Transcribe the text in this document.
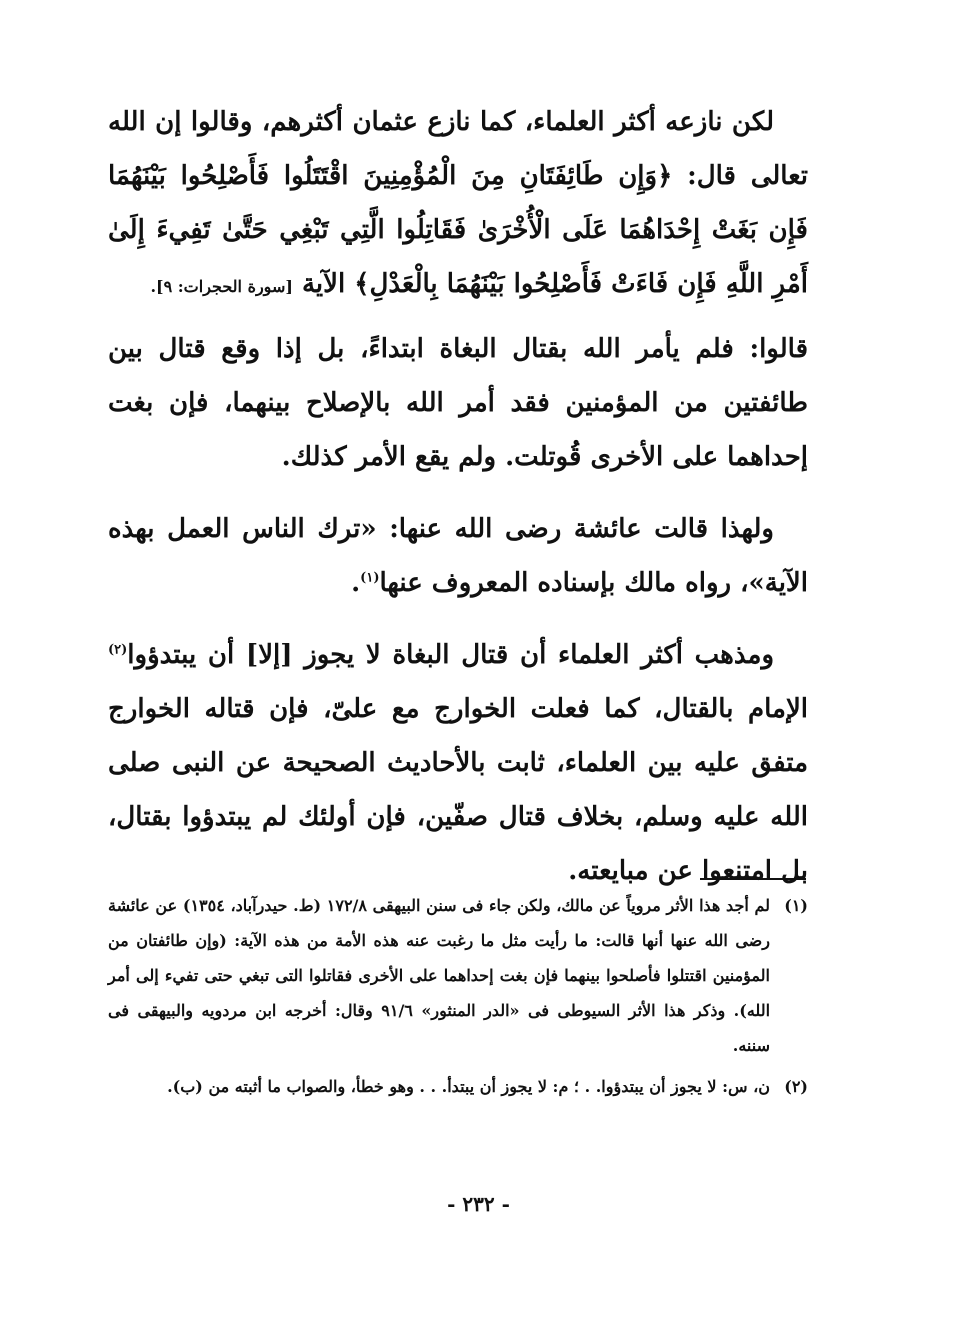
لكن نازعه أكثر العلماء، كما نازع عثمان أكثرهم، وقالوا إن الله تعالى قال: ﴿وَإِن طَائِفَتَانِ مِنَ الْمُؤْمِنِينَ اقْتَتَلُوا فَأَصْلِحُوا بَيْنَهُمَا فَإِن بَغَتْ إِحْدَاهُمَا عَلَى الْأُخْرَىٰ فَقَاتِلُوا الَّتِي تَبْغِي حَتَّىٰ تَفِيءَ إِلَىٰ أَمْرِ اللَّهِ فَإِن فَاءَتْ فَأَصْلِحُوا بَيْنَهُمَا بِالْعَدْلِ﴾ الآية [سورة الحجرات: ٩].

قالوا: فلم يأمر الله بقتال البغاة ابتداءً، بل إذا وقع قتال بين طائفتين من المؤمنين فقد أمر الله بالإصلاح بينهما، فإن بغت إحداهما على الأخرى قُوتلت. ولم يقع الأمر كذلك.

ولهذا قالت عائشة رضى الله عنها: «ترك الناس العمل بهذه الآية»، رواه مالك بإسناده المعروف عنها$^{(١)}$.

ومذهب أكثر العلماء أن قتال البغاة لا يجوز [إلا] أن يبتدؤوا$^{(٢)}$ الإمام بالقتال، كما فعلت الخوارج مع علىّ، فإن قتاله الخوارج متفق عليه بين العلماء، ثابت بالأحاديث الصحيحة عن النبى صلى الله عليه وسلم، بخلاف قتال صفّين، فإن أولئك لم يبتدؤوا بقتال، بل امتنعوا عن مبايعته.

(١)
لم أجد هذا الأثر مروياً عن مالك، ولكن جاء فى سنن البيهقى ١٧٢/٨ (ط. حيدرآباد، ١٣٥٤) عن عائشة رضى الله عنها أنها قالت: ما رأيت مثل ما رغبت عنه هذه الأمة من هذه الآية: (وإن طائفتان من المؤمنين اقتتلوا فأصلحوا بينهما فإن بغت إحداهما على الأخرى فقاتلوا التى تبغي حتى تفيء إلى أمر الله). وذكر هذا الأثر السيوطى فى «الدر المنثور» ٩١/٦ وقال: أخرجه ابن مردويه والبيهقى فى سننه.
(٢)
ن، س: لا يجوز أن يبتدؤوا. . ؛ م: لا يجوز أن يبتدأ. . . وهو خطأ، والصواب ما أثبته من (ب).
- ٢٣٢ -
